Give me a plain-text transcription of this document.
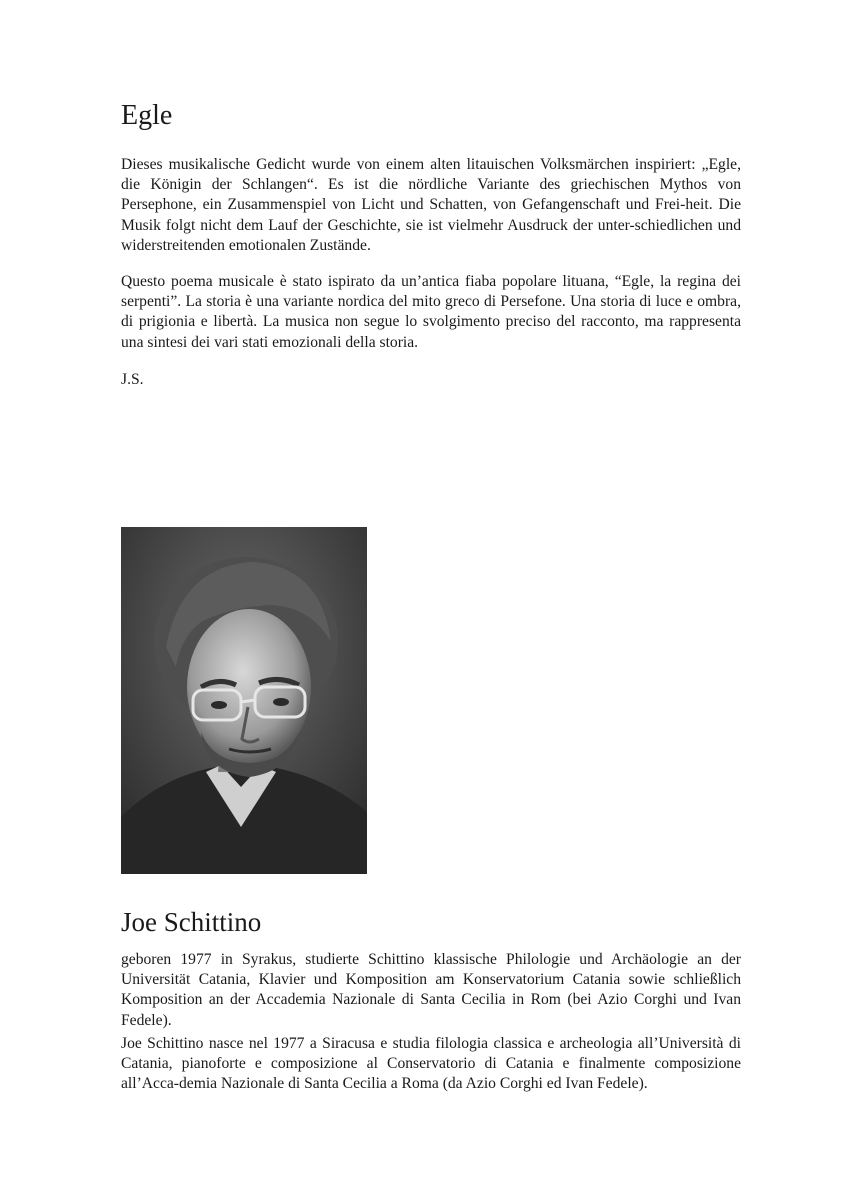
Egle

Dieses musikalische Gedicht wurde von einem alten litauischen Volksmärchen inspiriert: „Egle, die Königin der Schlangen“. Es ist die nördliche Variante des griechischen Mythos von Persephone, ein Zusammenspiel von Licht und Schatten, von Gefangenschaft und Frei-heit. Die Musik folgt nicht dem Lauf der Geschichte, sie ist vielmehr Ausdruck der unter-schiedlichen und widerstreitenden emotionalen Zustände.

Questo poema musicale è stato ispirato da un’antica fiaba popolare lituana, “Egle, la regina dei serpenti”. La storia è una variante nordica del mito greco di Persefone. Una storia di luce e ombra, di prigionia e libertà. La musica non segue lo svolgimento preciso del racconto, ma rappresenta una sintesi dei vari stati emozionali della storia.

J.S.

Joe Schittino

geboren 1977 in Syrakus, studierte Schittino klassische Philologie und Archäologie an der Universität Catania, Klavier und Komposition am Konservatorium Catania sowie schließlich Komposition an der Accademia Nazionale di Santa Cecilia in Rom (bei Azio Corghi und Ivan Fedele).

Joe Schittino nasce nel 1977 a Siracusa e studia filologia classica e archeologia all’Università di Catania, pianoforte e composizione al Conservatorio di Catania e finalmente composizione all’Acca-demia Nazionale di Santa Cecilia a Roma (da Azio Corghi ed Ivan Fedele).
